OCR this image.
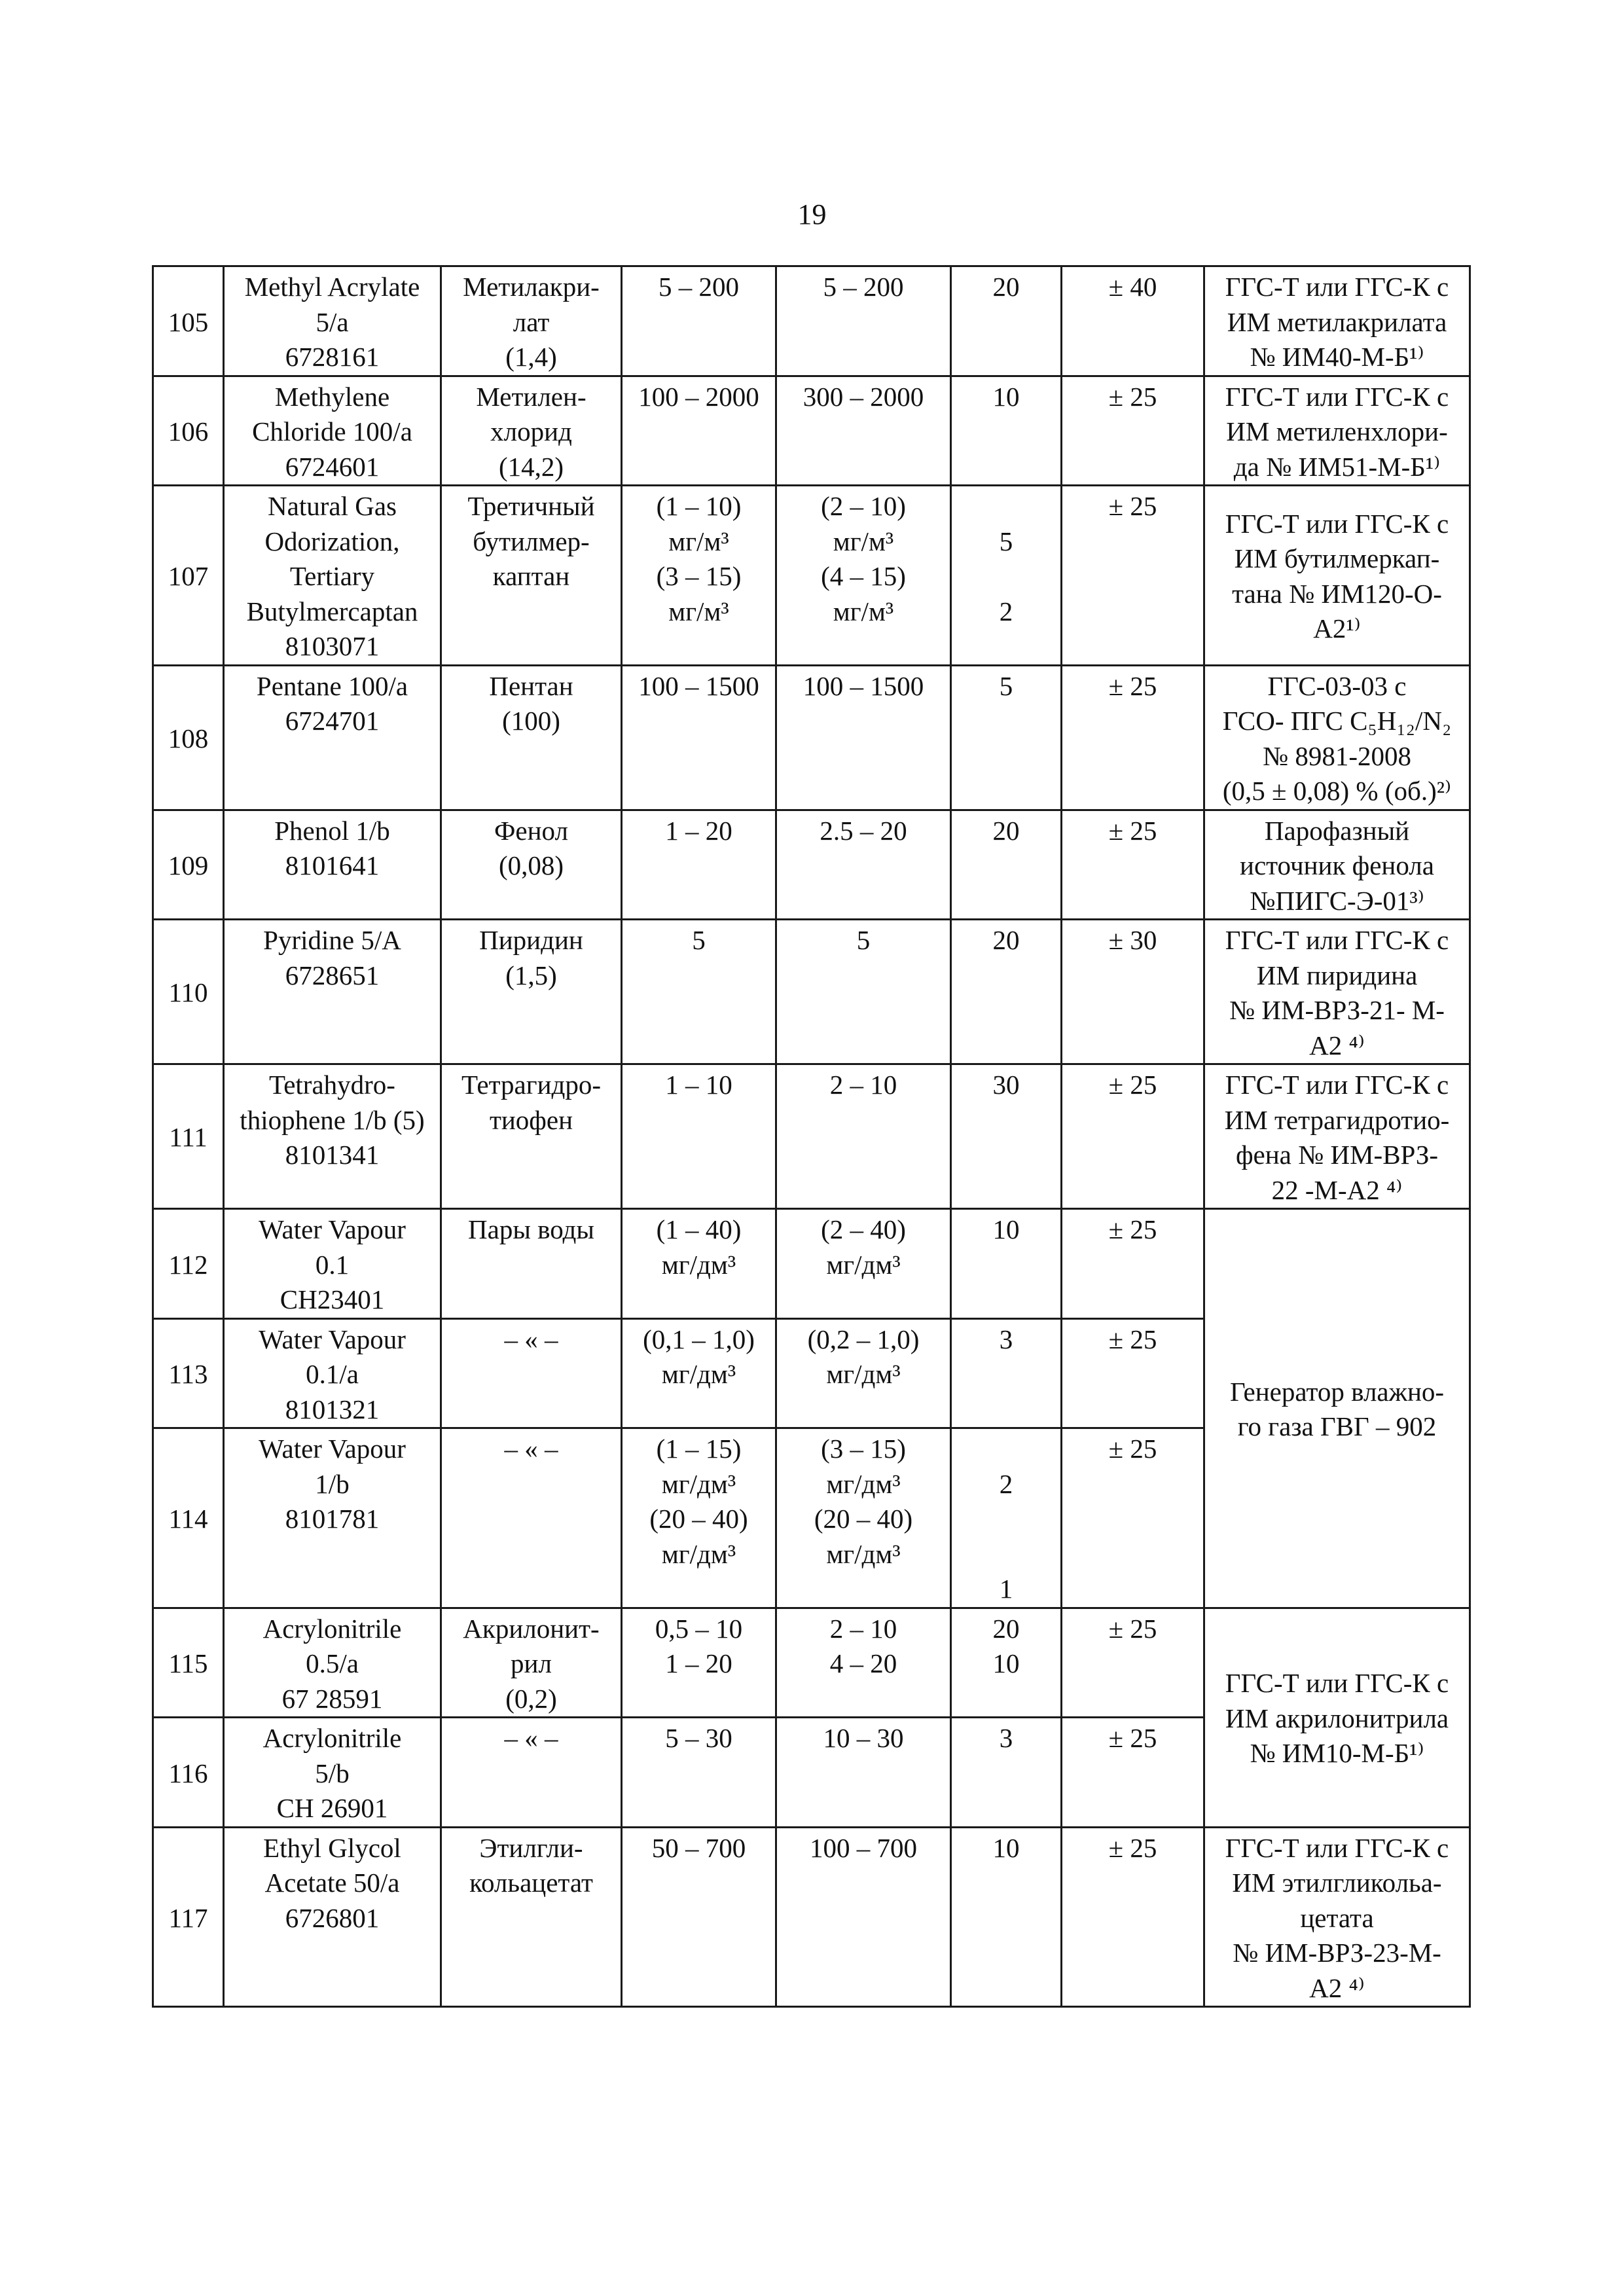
19
105	Methyl Acrylate
5/a
6728161	Метилакри-
лат
(1,4)	5 – 200	5 – 200	20	± 40	ГГС-Т или ГГС-К с
ИМ метилакрилата
№ ИМ40-М-Б¹⁾

106	Methylene
Chloride 100/a
6724601	Метилен-
хлорид
(14,2)	100 – 2000	300 – 2000	10	± 25	ГГС-Т или ГГС-К с
ИМ метиленхлори-
да № ИМ51-М-Б¹⁾

107	Natural Gas
Odorization,
Tertiary
Butylmercaptan
8103071	Третичный
бутилмер-
каптан	(1 – 10)
мг/м³
(3 – 15)
мг/м³	(2 – 10)
мг/м³
(4 – 15)
мг/м³	5
2	± 25	ГГС-Т или ГГС-К с
ИМ бутилмеркап-
тана № ИМ120-О-
А2¹⁾

108	Pentane 100/a
6724701	Пентан
(100)	100 – 1500	100 – 1500	5	± 25	ГГС-03-03 с
ГСО- ПГС С₅Н₁₂/N₂
№ 8981-2008
(0,5 ± 0,08) % (об.)²⁾

109	Phenol 1/b
8101641	Фенол
(0,08)	1 – 20	2.5 – 20	20	± 25	Парофазный
источник фенола
№ПИГС-Э-01³⁾

110	Pyridine 5/A
6728651	Пиридин
(1,5)	5	5	20	± 30	ГГС-Т или ГГС-К с
ИМ пиридина
№ ИМ-ВРЗ-21- М-
А2 ⁴⁾

111	Tetrahydro-
thiophene 1/b (5)
8101341	Тетрагидро-
тиофен	1 – 10	2 – 10	30	± 25	ГГС-Т или ГГС-К с
ИМ тетрагидротио-
фена № ИМ-ВРЗ-
22 -М-А2 ⁴⁾

112	Water Vapour
0.1
CH23401	Пары воды	(1 – 40)
мг/дм³	(2 – 40)
мг/дм³	10	± 25	Генератор влажно-
го газа ГВГ – 902

113	Water Vapour
0.1/a
8101321	– « –	(0,1 – 1,0)
мг/дм³	(0,2 – 1,0)
мг/дм³	3	± 25	

114	Water Vapour
1/b
8101781	– « –	(1 – 15)
мг/дм³
(20 – 40)
мг/дм³	(3 – 15)
мг/дм³
(20 – 40)
мг/дм³	2
1	± 25	

115	Acrylonitrile
0.5/a
67 28591	Акрилонит-
рил
(0,2)	0,5 – 10
1 – 20	2 – 10
4 – 20	20
10	± 25	ГГС-Т или ГГС-К с
ИМ акрилонитрила
№ ИМ10-М-Б¹⁾

116	Acrylonitrile
5/b
CH 26901	– « –	5 – 30	10 – 30	3	± 25	

117	Ethyl Glycol
Acetate 50/a
6726801	Этилгли-
кольацетат	50 – 700	100 – 700	10	± 25	ГГС-Т или ГГС-К с
ИМ этилгликольа-
цетата
№ ИМ-ВРЗ-23-М-
А2 ⁴⁾
